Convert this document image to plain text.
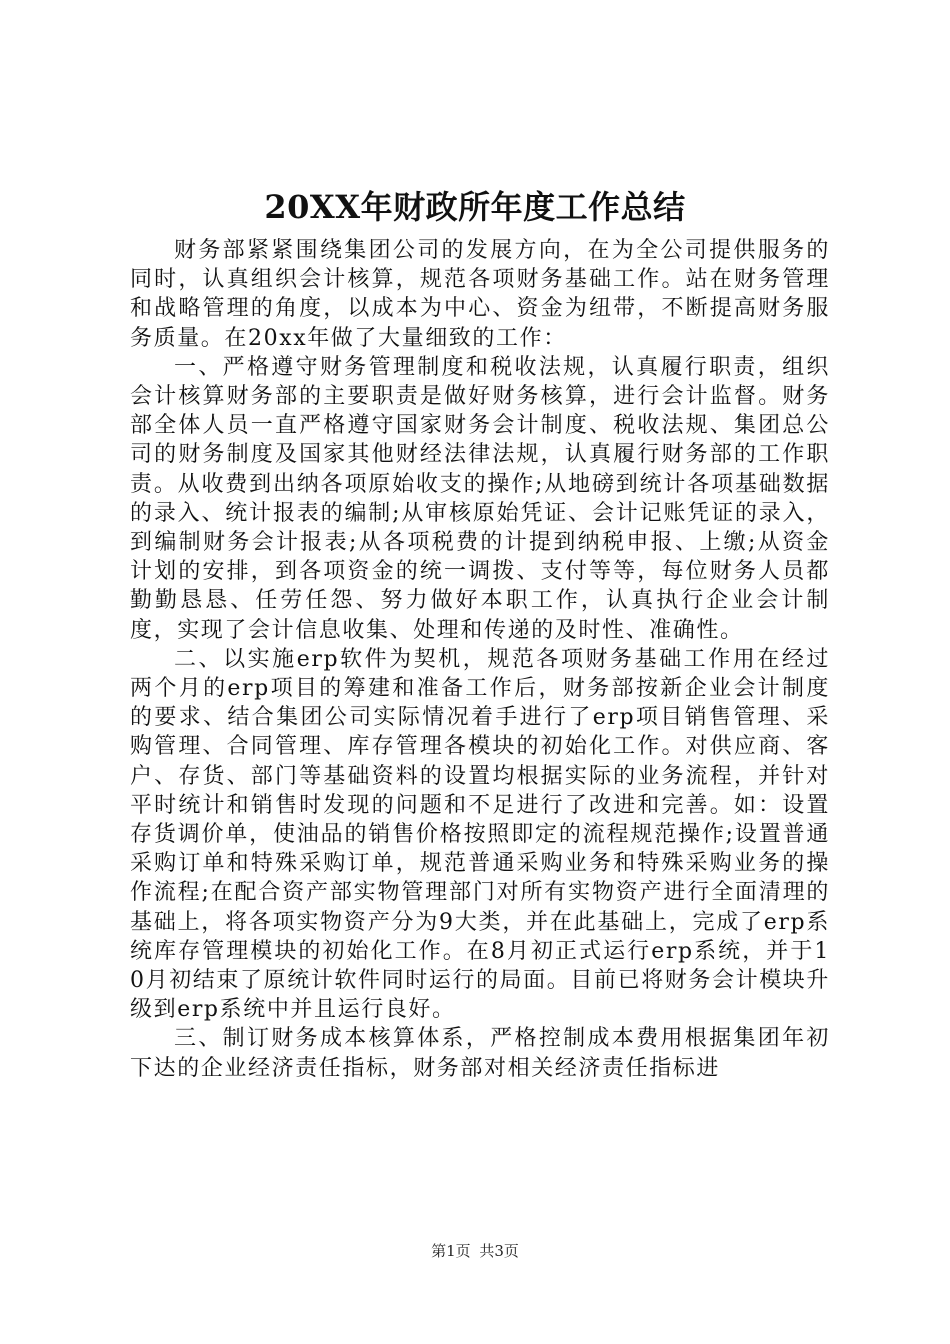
20XX年财政所年度工作总结

财务部紧紧围绕集团公司的发展方向，在为全公司提供服务的同时，认真组织会计核算，规范各项财务基础工作。站在财务管理和战略管理的角度，以成本为中心、资金为纽带，不断提高财务服务质量。在20xx年做了大量细致的工作：

一、严格遵守财务管理制度和税收法规，认真履行职责，组织会计核算财务部的主要职责是做好财务核算，进行会计监督。财务部全体人员一直严格遵守国家财务会计制度、税收法规、集团总公司的财务制度及国家其他财经法律法规，认真履行财务部的工作职责。从收费到出纳各项原始收支的操作;从地磅到统计各项基础数据的录入、统计报表的编制;从审核原始凭证、会计记账凭证的录入，到编制财务会计报表;从各项税费的计提到纳税申报、上缴;从资金计划的安排，到各项资金的统一调拨、支付等等，每位财务人员都勤勤恳恳、任劳任怨、努力做好本职工作，认真执行企业会计制度，实现了会计信息收集、处理和传递的及时性、准确性。

二、以实施erp软件为契机，规范各项财务基础工作用在经过两个月的erp项目的筹建和准备工作后，财务部按新企业会计制度的要求、结合集团公司实际情况着手进行了erp项目销售管理、采购管理、合同管理、库存管理各模块的初始化工作。对供应商、客户、存货、部门等基础资料的设置均根据实际的业务流程，并针对平时统计和销售时发现的问题和不足进行了改进和完善。如：设置存货调价单，使油品的销售价格按照即定的流程规范操作;设置普通采购订单和特殊采购订单，规范普通采购业务和特殊采购业务的操作流程;在配合资产部实物管理部门对所有实物资产进行全面清理的基础上，将各项实物资产分为9大类，并在此基础上，完成了erp系统库存管理模块的初始化工作。在8月初正式运行erp系统，并于10月初结束了原统计软件同时运行的局面。目前已将财务会计模块升级到erp系统中并且运行良好。

三、制订财务成本核算体系，严格控制成本费用根据集团年初下达的企业经济责任指标，财务部对相关经济责任指标进

第1页 共3页
